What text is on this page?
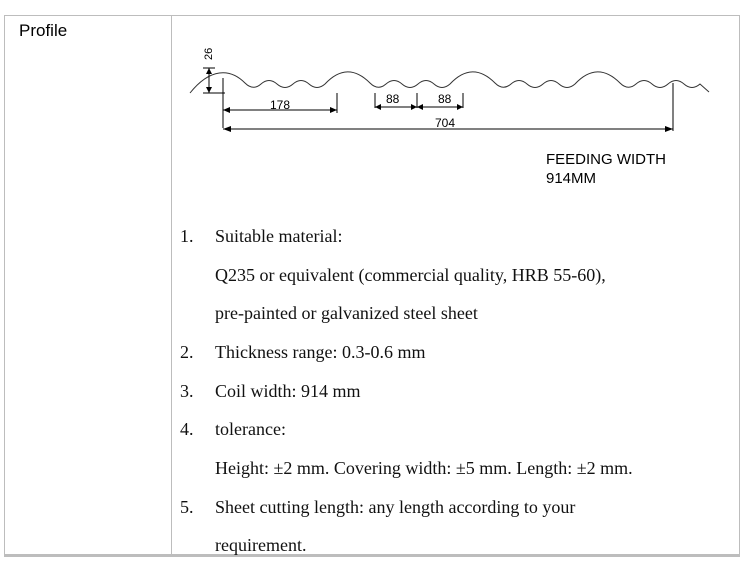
Profile
26
178	88	88
704
FEEDING WIDTH
914MM
1.	Suitable material:
Q235 or equivalent (commercial quality, HRB 55-60),
pre-painted or galvanized steel sheet
2.	Thickness range: 0.3-0.6 mm
3.	Coil width: 914 mm
4.	tolerance:
Height: ±2 mm. Covering width: ±5 mm. Length: ±2 mm.
5.	Sheet cutting length: any length according to your
requirement.
